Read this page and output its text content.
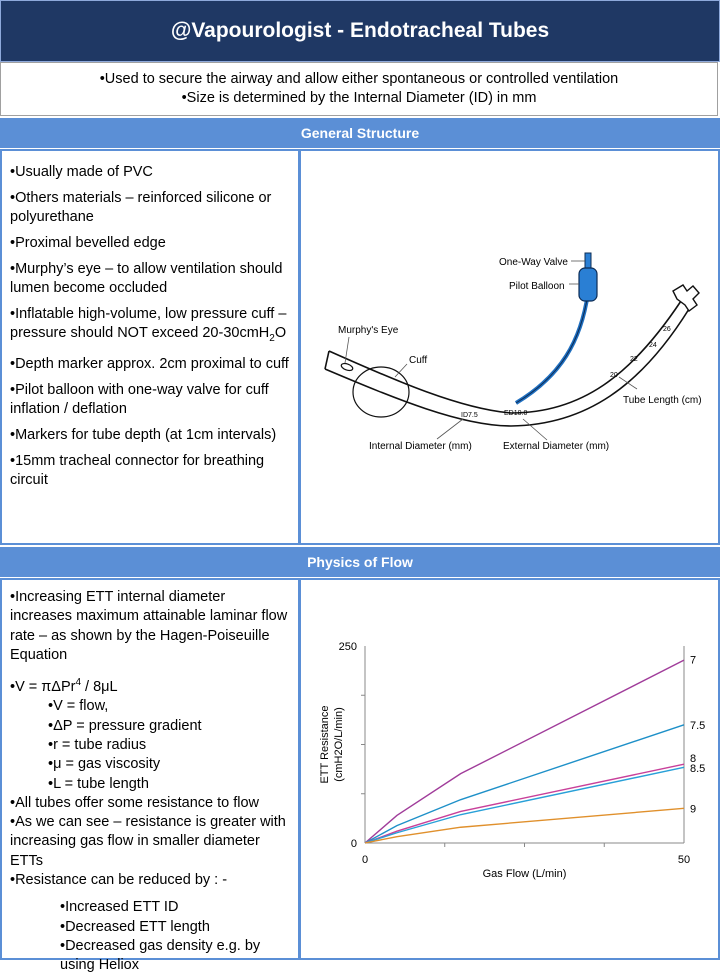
@Vapourologist - Endotracheal Tubes
•Used to secure the airway and allow either spontaneous or controlled ventilation
•Size is determined by the Internal Diameter (ID) in mm
General Structure

•Usually made of PVC

•Others materials – reinforced silicone or polyurethane

•Proximal bevelled edge

•Murphy’s eye – to allow ventilation should lumen become occluded

•Inflatable high-volume, low pressure cuff – pressure should NOT exceed 20-30cmH$_2$O

•Depth marker approx. 2cm proximal to cuff

•Pilot balloon with one-way valve for cuff inflation / deflation

•Markers for tube depth (at 1cm intervals)

•15mm tracheal connector for breathing circuit

20
22
24
26
ID7.5	ED10.0
One-Way Valve
Pilot Balloon
Murphy's Eye
Cuff
Tube Length (cm)
Internal Diameter (mm)	External Diameter (mm)
Physics of Flow

•Increasing ETT internal diameter increases maximum attainable laminar flow rate – as shown by the Hagen-Poiseuille Equation

•V = πΔPr$^4$ / 8μL

•V = flow,

•ΔP = pressure gradient

•r = tube radius

•μ = gas viscosity

•L = tube length

•All tubes offer some resistance to flow

•As we can see – resistance is greater with increasing gas flow in smaller diameter ETTs

•Resistance can be reduced by : -

•Increased ETT ID

•Decreased ETT length

•Decreased gas density e.g. by using Heliox

0
250
0	50
Gas Flow (L/min)
ETT Resistance (cmH2O/L/min)
7
7.5
8
8.5
9
